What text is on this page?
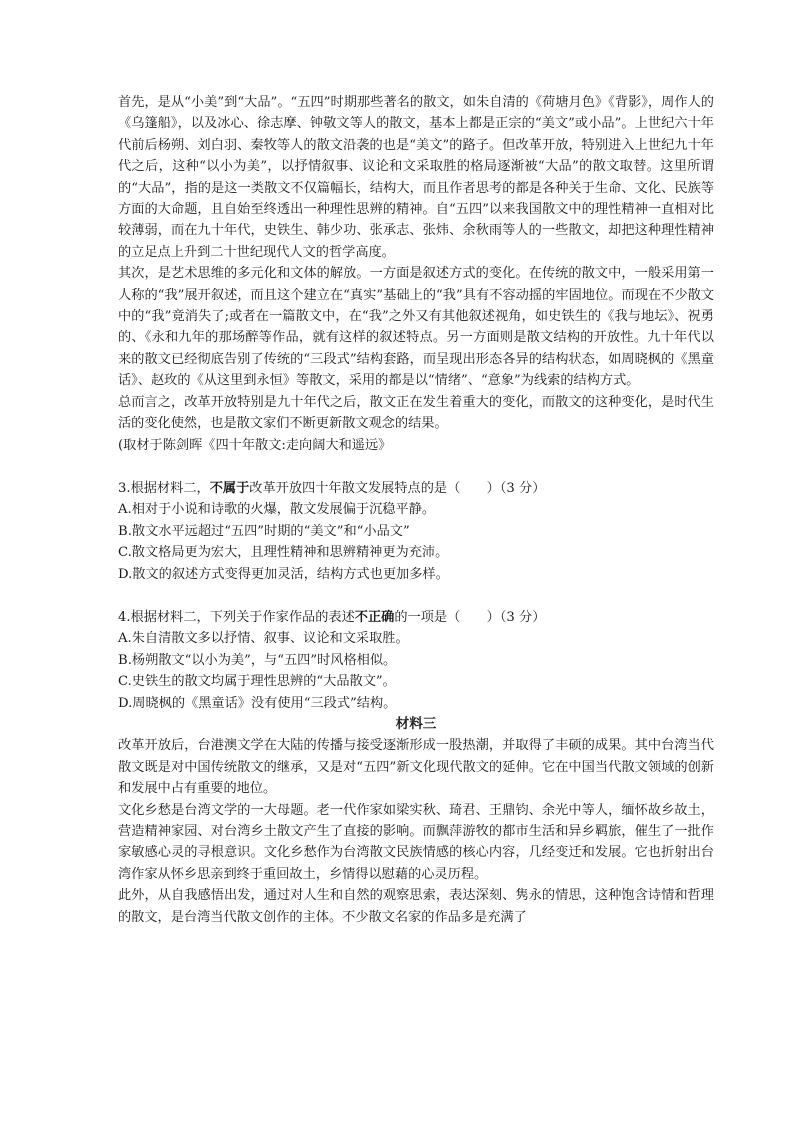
首先，是从“小美”到“大品”。“五四”时期那些著名的散文，如朱自清的《荷塘月色》《背影》，周作人的《乌篷船》，以及冰心、徐志摩、钟敬文等人的散文，基本上都是正宗的“美文”或小品”。上世纪六十年代前后杨朔、刘白羽、秦牧等人的散文沿袭的也是“美文”的路子。但改革开放，特别进入上世纪九十年代之后，这种“以小为美”，以抒情叙事、议论和文采取胜的格局逐渐被“大品”的散文取替。这里所谓的“大品”，指的是这一类散文不仅篇幅长，结构大，而且作者思考的都是各种关于生命、文化、民族等方面的大命题，且自始至终透出一种理性思辨的精神。自“五四”以来我国散文中的理性精神一直相对比较薄弱，而在九十年代，史铁生、韩少功、张承志、张炜、余秋雨等人的一些散文，却把这种理性精神的立足点上升到二十世纪现代人文的哲学高度。

其次，是艺术思维的多元化和文体的解放。一方面是叙述方式的变化。在传统的散文中，一般采用第一人称的“我”展开叙述，而且这个建立在“真实”基础上的“我”具有不容动摇的牢固地位。而现在不少散文中的“我”竟消失了;或者在一篇散文中，在“我”之外又有其他叙述视角，如史铁生的《我与地坛》、祝勇的、《永和九年的那场醉等作品，就有这样的叙述特点。另一方面则是散文结构的开放性。九十年代以来的散文已经彻底告别了传统的“三段式”结构套路，而呈现出形态各异的结构状态，如周晓枫的《黑童话》、赵玫的《从这里到永恒》等散文，采用的都是以“情绪”、“意象”为线索的结构方式。

总而言之，改革开放特别是九十年代之后，散文正在发生着重大的变化，而散文的这种变化，是时代生活的变化使然，也是散文家们不断更新散文观念的结果。

(取材于陈剑晖《四十年散文:走向阔大和遥远》

3.根据材料二，不属于改革开放四十年散文发展特点的是（　　）（3 分）

A.相对于小说和诗歌的火爆，散文发展偏于沉稳平静。

B.散文水平远超过“五四”时期的“美文”和“小品文”

C.散文格局更为宏大，且理性精神和思辨精神更为充沛。

D.散文的叙述方式变得更加灵活，结构方式也更加多样。

4.根据材料二，下列关于作家作品的表述不正确的一项是（　　）（3 分）

A.朱自清散文多以抒情、叙事、议论和文采取胜。

B.杨朔散文“以小为美”，与“五四”时风格相似。

C.史铁生的散文均属于理性思辨的“大品散文”。

D.周晓枫的《黑童话》没有使用“三段式”结构。

材料三

改革开放后，台港澳文学在大陆的传播与接受逐渐形成一股热潮，并取得了丰硕的成果。其中台湾当代散文既是对中国传统散文的继承，又是对“五四”新文化现代散文的延伸。它在中国当代散文领域的创新和发展中占有重要的地位。

文化乡愁是台湾文学的一大母题。老一代作家如梁实秋、琦君、王鼎钧、余光中等人，缅怀故乡故土，营造精神家园、对台湾乡土散文产生了直接的影响。而飘萍游牧的都市生活和异乡羁旅，催生了一批作家敏感心灵的寻根意识。文化乡愁作为台湾散文民族情感的核心内容，几经变迁和发展。它也折射出台湾作家从怀乡思亲到终于重回故土，乡情得以慰藉的心灵历程。

此外，从自我感悟出发，通过对人生和自然的观察思索，表达深刻、隽永的情思，这种饱含诗情和哲理的散文，是台湾当代散文创作的主体。不少散文名家的作品多是充满了
